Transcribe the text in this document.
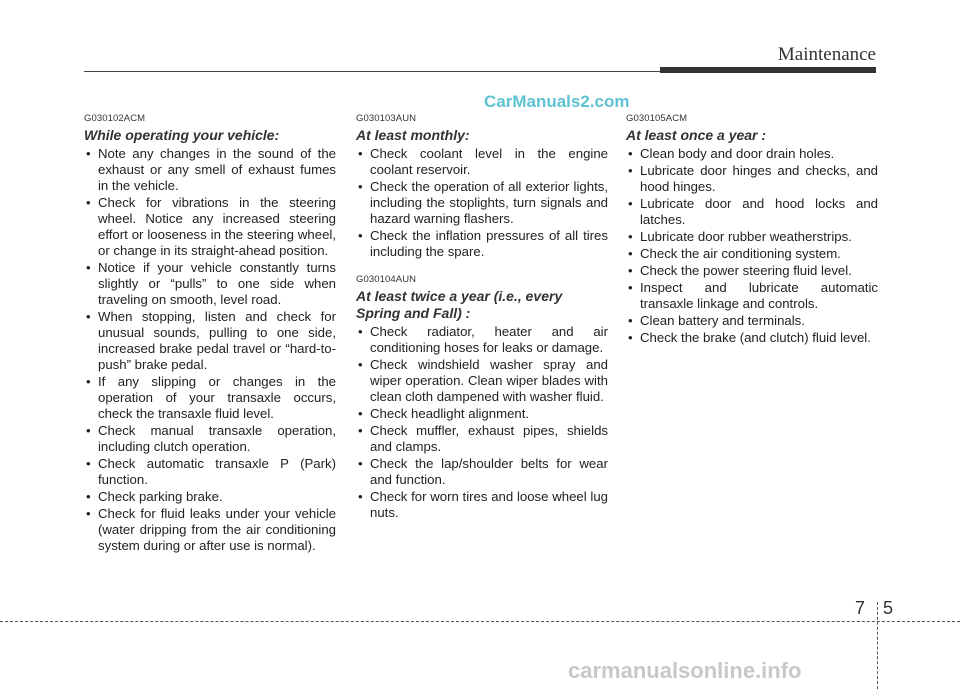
Maintenance
CarManuals2.com
G030102ACM
While operating your vehicle:
• Note any changes in the sound of the exhaust or any smell of exhaust fumes in the vehicle.
• Check for vibrations in the steering wheel. Notice any increased steering effort or looseness in the steering wheel, or change in its straight-ahead position.
• Notice if your vehicle constantly turns slightly or “pulls” to one side when traveling on smooth, level road.
• When stopping, listen and check for unusual sounds, pulling to one side, increased brake pedal travel or “hard-to-push” brake pedal.
• If any slipping or changes in the operation of your transaxle occurs, check the transaxle fluid level.
• Check manual transaxle operation, including clutch operation.
• Check automatic transaxle P (Park) function.
• Check parking brake.
• Check for fluid leaks under your vehicle (water dripping from the air conditioning system during or after use is normal).
G030103AUN
At least monthly:
• Check coolant level in the engine coolant reservoir.
• Check the operation of all exterior lights, including the stoplights, turn signals and hazard warning flashers.
• Check the inflation pressures of all tires including the spare.
G030104AUN
At least twice a year (i.e., every Spring and Fall) :
• Check radiator, heater and air conditioning hoses for leaks or damage.
• Check windshield washer spray and wiper operation. Clean wiper blades with clean cloth dampened with washer fluid.
• Check headlight alignment.
• Check muffler, exhaust pipes, shields and clamps.
• Check the lap/shoulder belts for wear and function.
• Check for worn tires and loose wheel lug nuts.
G030105ACM
At least once a year :
• Clean body and door drain holes.
• Lubricate door hinges and checks, and hood hinges.
• Lubricate door and hood locks and latches.
• Lubricate door rubber weatherstrips.
• Check the air conditioning system.
• Check the power steering fluid level.
• Inspect and lubricate automatic transaxle linkage and controls.
• Clean battery and terminals.
• Check the brake (and clutch) fluid level.
7 5
carmanualsonline.info
